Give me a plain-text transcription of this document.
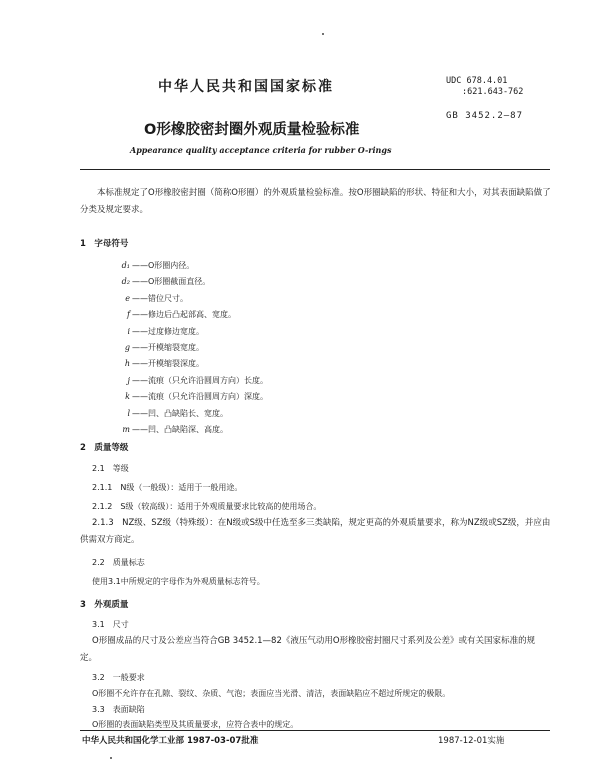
中华人民共和国国家标准	UDC 678.4.01
:621.643-762
GB 3452.2—87
O形橡胶密封圈外观质量检验标准
Appearance quality acceptance criteria for rubber O-rings

本标准规定了O形橡胶密封圈（简称O形圈）的外观质量检验标准。按O形圈缺陷的形状、特征和大小，对其表面缺陷做了分类及规定要求。

1　字母符号
d₁ ——O形圈内径。
d₂ ——O形圈截面直径。
e ——错位尺寸。
f ——修边后凸起部高、宽度。
i ——过度修边宽度。
g ——开模缩裂宽度。
h ——开模缩裂深度。
j ——流痕（只允许沿圆周方向）长度。
k ——流痕（只允许沿圆周方向）深度。
l ——凹、凸缺陷长、宽度。
m ——凹、凸缺陷深、高度。
2　质量等级
2.1　等级
2.1.1　N级（一般级）：适用于一般用途。
2.1.2　S级（较高级）：适用于外观质量要求比较高的使用场合。

2.1.3　NZ级、SZ级（特殊级）：在N级或S级中任选至多三类缺陷，规定更高的外观质量要求，称为NZ级或SZ级，并应由供需双方商定。

2.2　质量标志
使用3.1中所规定的字母作为外观质量标志符号。
3　外观质量
3.1　尺寸

O形圈成品的尺寸及公差应当符合GB 3452.1—82《液压气动用O形橡胶密封圈尺寸系列及公差》或有关国家标准的规定。

3.2　一般要求
O形圈不允许存在孔隙、裂纹、杂质、气泡；表面应当光滑、清洁，表面缺陷应不超过所规定的极限。
3.3　表面缺陷
O形圈的表面缺陷类型及其质量要求，应符合表中的规定。
中华人民共和国化学工业部 1987-03-07批准	1987-12-01实施
